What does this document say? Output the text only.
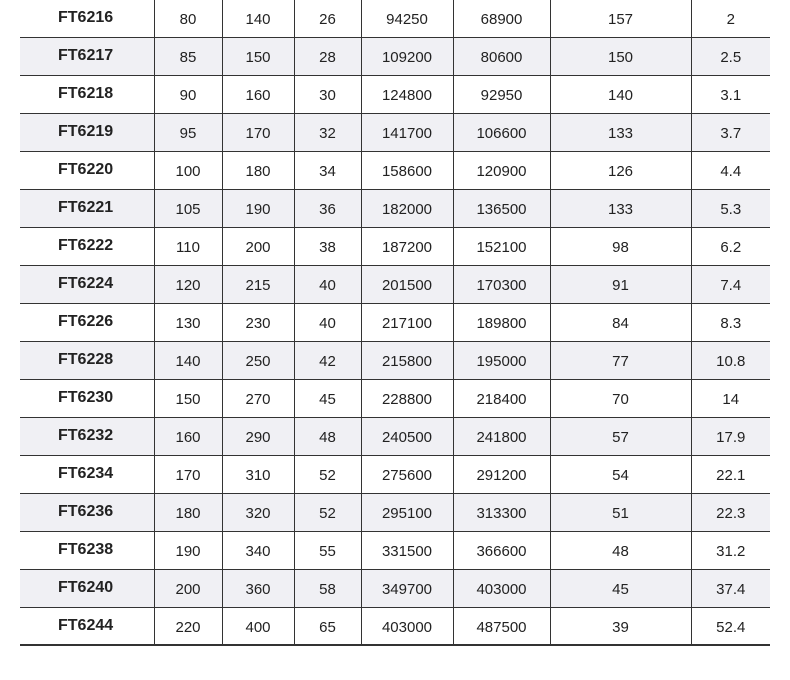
FT6216	80	140	26	94250	68900	157	2
FT6217	85	150	28	109200	80600	150	2.5
FT6218	90	160	30	124800	92950	140	3.1
FT6219	95	170	32	141700	106600	133	3.7
FT6220	100	180	34	158600	120900	126	4.4
FT6221	105	190	36	182000	136500	133	5.3
FT6222	110	200	38	187200	152100	98	6.2
FT6224	120	215	40	201500	170300	91	7.4
FT6226	130	230	40	217100	189800	84	8.3
FT6228	140	250	42	215800	195000	77	10.8
FT6230	150	270	45	228800	218400	70	14
FT6232	160	290	48	240500	241800	57	17.9
FT6234	170	310	52	275600	291200	54	22.1
FT6236	180	320	52	295100	313300	51	22.3
FT6238	190	340	55	331500	366600	48	31.2
FT6240	200	360	58	349700	403000	45	37.4
FT6244	220	400	65	403000	487500	39	52.4
